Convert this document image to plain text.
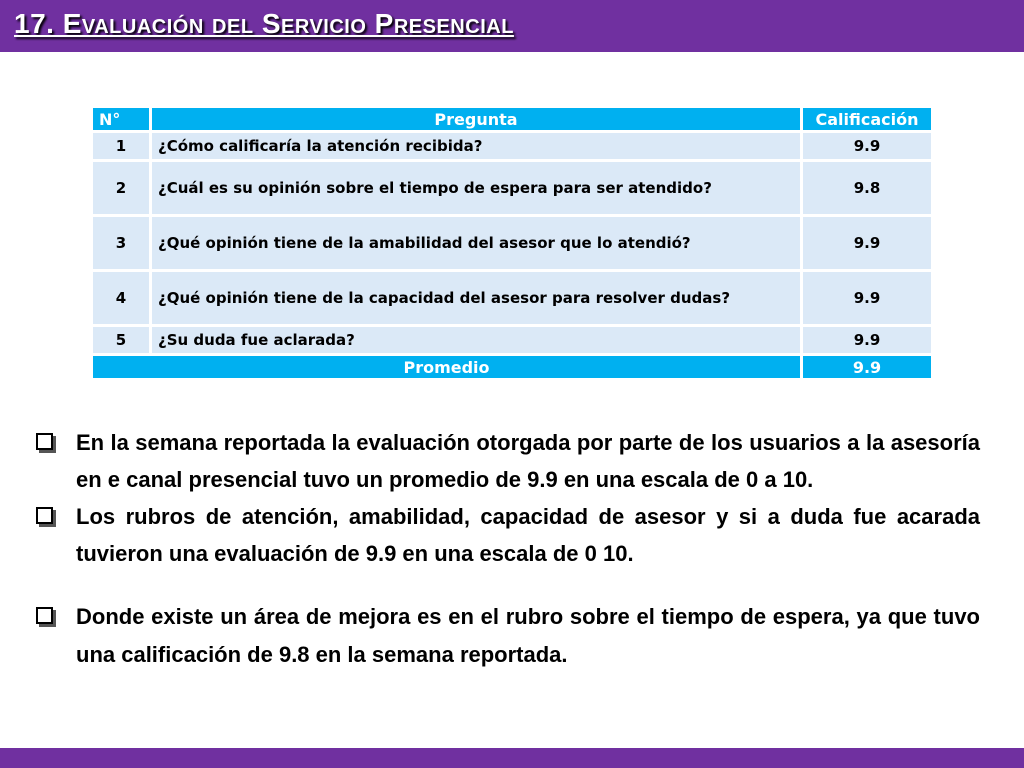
17. Evaluación del Servicio Presencial
N°	Pregunta	Calificación
1	¿Cómo calificaría la atención recibida?	9.9
2	¿Cuál es su opinión sobre el tiempo de espera para ser atendido?	9.8
3	¿Qué opinión tiene de la amabilidad del asesor que lo atendió?	9.9
4	¿Qué opinión tiene de la capacidad del asesor para resolver dudas?	9.9
5	¿Su duda fue aclarada?	9.9
Promedio		9.9
En la semana reportada la evaluación otorgada por parte de los usuarios a la asesoría en e canal presencial tuvo un promedio de 9.9 en una escala de 0 a 10.
Los rubros de atención, amabilidad, capacidad de asesor y si a duda fue acarada tuvieron una evaluación de 9.9 en una escala de 0 10.
Donde existe un área de mejora es en el rubro sobre el tiempo de espera, ya que tuvo una calificación de 9.8 en la semana reportada.
